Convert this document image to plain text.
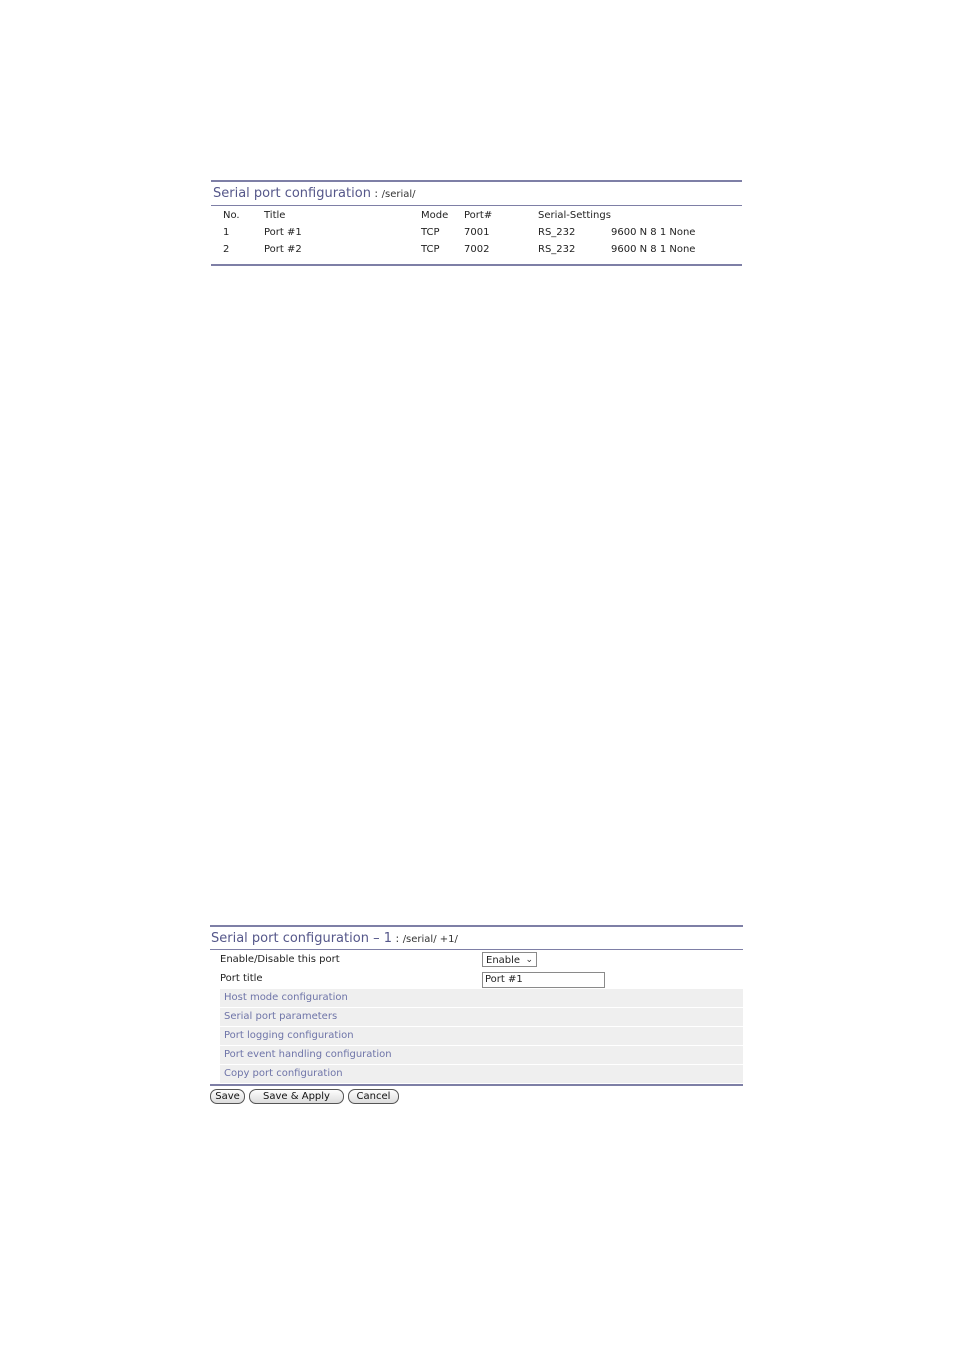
Serial port configuration : /serial/
No. Title	Mode Port#	Serial-Settings
1	Port #1	TCP 7001	RS_232	9600 N 8 1 None
2	Port #2	TCP 7002	RS_232	9600 N 8 1 None
Serial port configuration – 1 : /serial/ +1/
Enable/Disable this port	Enable ⌄
Port title	Port #1
Host mode configuration
Serial port parameters
Port logging configuration
Port event handling configuration
Copy port configuration
Save	Save & Apply	Cancel
